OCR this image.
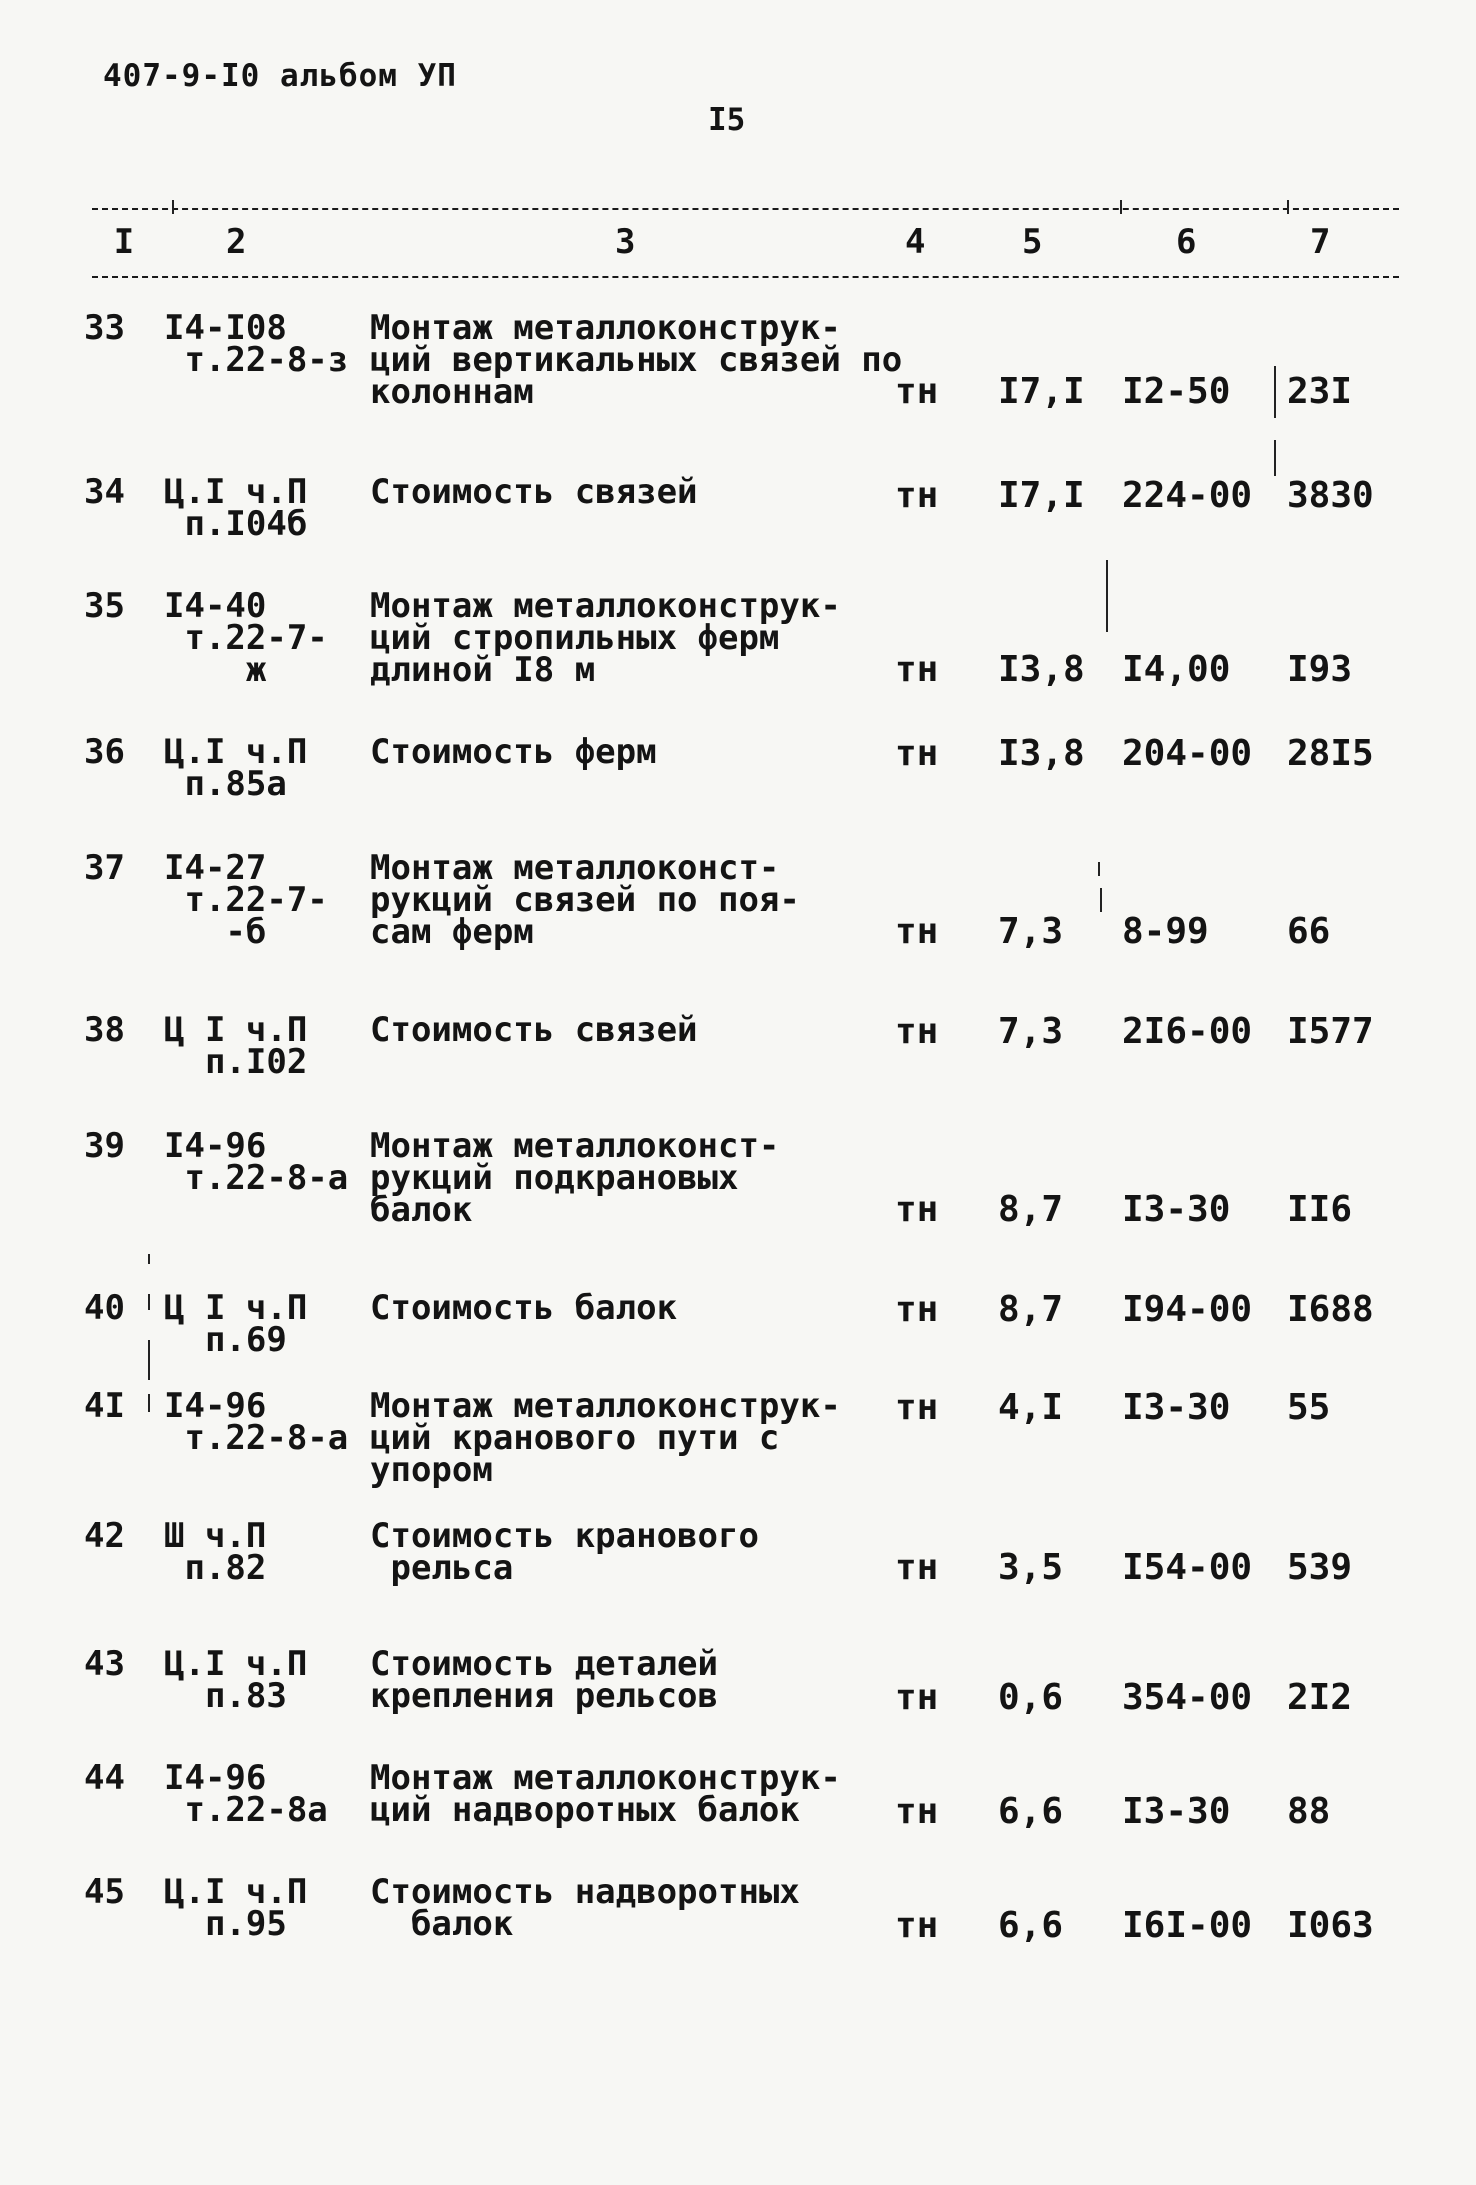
407-9-I0 альбом УП
I5
I	2	3	4	5	6	7
33 I4-I08
т.22-8-з
Монтаж металлоконструк-
ций вертикальных связей по
колоннам	тн I7,I I2-50 23I
34 Ц.I ч.П
п.I04б
Стоимость связей	тн I7,I 224-00 3830
35 I4-40
т.22-7-
ж
Монтаж металлоконструк-
ций стропильных ферм
длиной I8 м	тн I3,8 I4,00 I93
36 Ц.I ч.П
п.85а
Стоимость ферм	тн I3,8 204-00 28I5
37 I4-27
т.22-7-
-б
Монтаж металлоконст-
рукций связей по поя-
сам ферм	тн 7,3 8-99 66
38 Ц I ч.П
п.I02
Стоимость связей	тн 7,3 2I6-00 I577
39 I4-96
т.22-8-а
Монтаж металлоконст-
рукций подкрановых
балок	тн 8,7 I3-30 II6
40 Ц I ч.П
п.69
Стоимость балок	тн 8,7 I94-00 I688
4I I4-96
т.22-8-а
Монтаж металлоконструк-
ций кранового пути с
упором
тн 4,I I3-30 55
42 Ш ч.П
п.82
Стоимость кранового
рельса	тн 3,5 I54-00 539
43 Ц.I ч.П
п.83
Стоимость деталей
крепления рельсов	тн 0,6 354-00 2I2
44 I4-96
т.22-8а
Монтаж металлоконструк-
ций надворотных балок	тн 6,6 I3-30 88
45 Ц.I ч.П
п.95
Стоимость надворотных
балок	тн 6,6 I6I-00 I063
